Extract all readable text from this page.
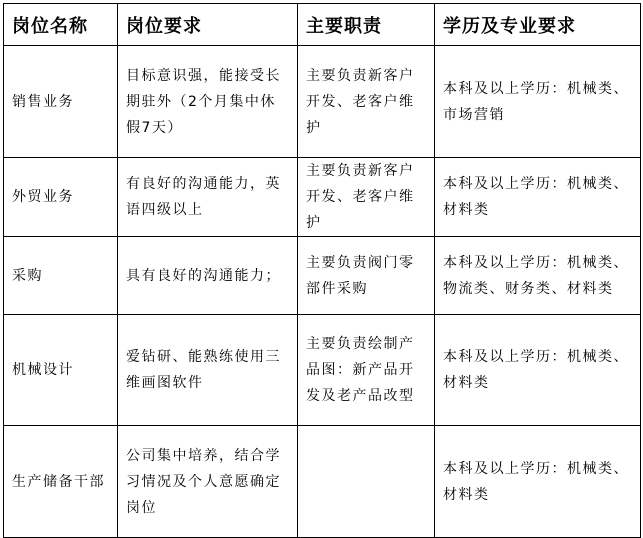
岗位名称	岗位要求	主要职责	学历及专业要求
销售业务	目标意识强，能接受长期驻外（2个月集中休假7天）	主要负责新客户开发、老客户维护	本科及以上学历：机械类、市场营销

外贸业务	有良好的沟通能力，英语四级以上	主要负责新客户开发、老客户维护	本科及以上学历：机械类、材料类

采购	具有良好的沟通能力；	主要负责阀门零部件采购	本科及以上学历：机械类、物流类、财务类、材料类

机械设计	爱钻研、能熟练使用三维画图软件	主要负责绘制产品图：新产品开发及老产品改型	本科及以上学历：机械类、材料类

生产储备干部	公司集中培养，结合学习情况及个人意愿确定岗位		本科及以上学历：机械类、材料类
